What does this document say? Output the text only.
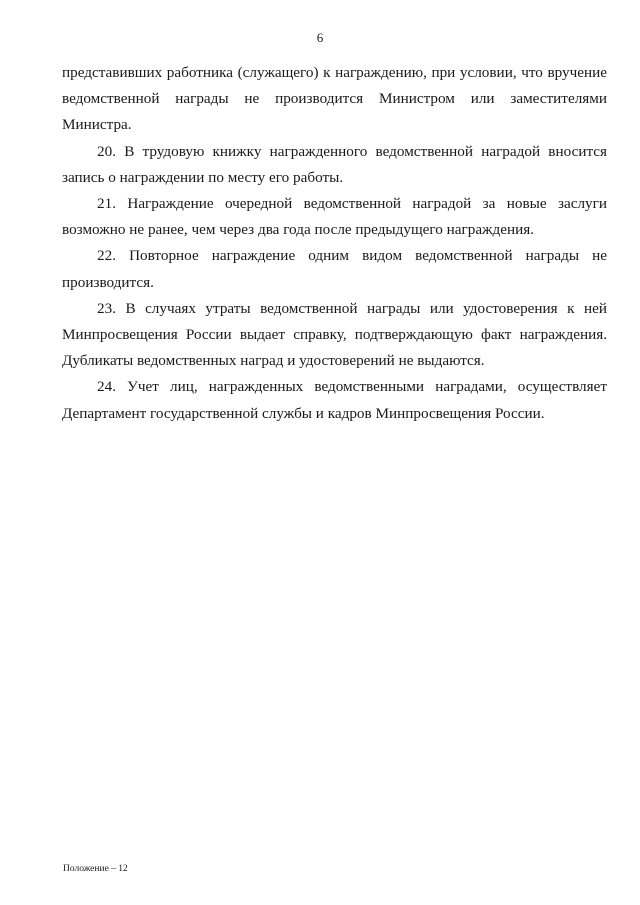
6

представивших работника (служащего) к награждению, при условии, что вручение ведомственной награды не производится Министром или заместителями Министра.

20. В трудовую книжку награжденного ведомственной наградой вносится запись о награждении по месту его работы.

21. Награждение очередной ведомственной наградой за новые заслуги возможно не ранее, чем через два года после предыдущего награждения.

22. Повторное награждение одним видом ведомственной награды не производится.

23. В случаях утраты ведомственной награды или удостоверения к ней Минпросвещения России выдает справку, подтверждающую факт награждения. Дубликаты ведомственных наград и удостоверений не выдаются.

24. Учет лиц, награжденных ведомственными наградами, осуществляет Департамент государственной службы и кадров Минпросвещения России.

Положение – 12
